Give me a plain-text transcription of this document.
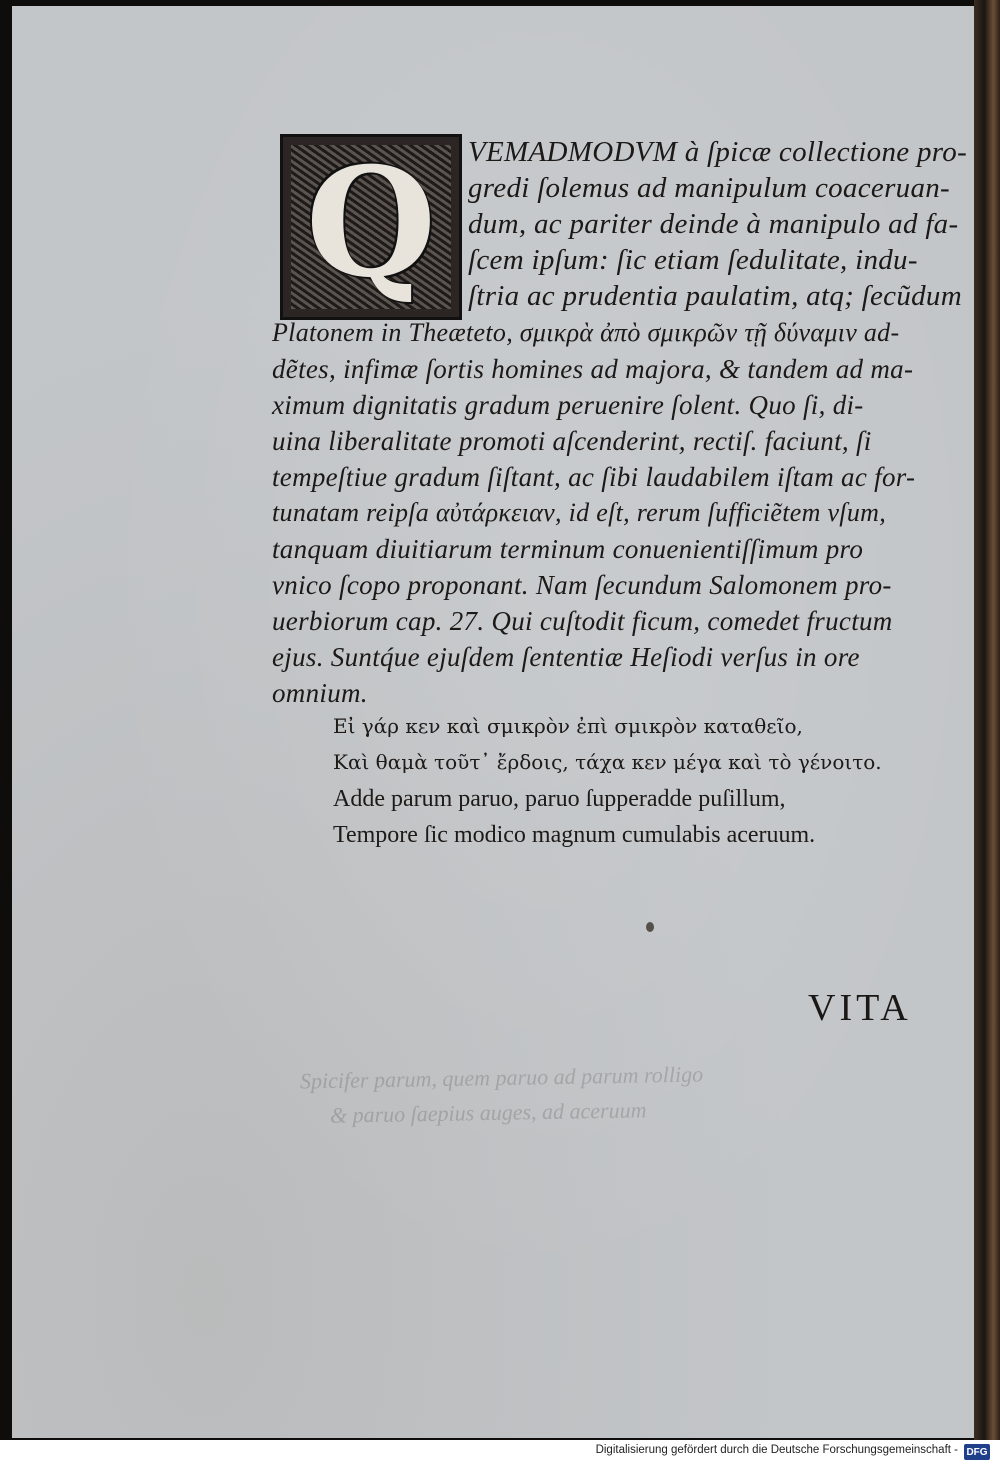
Spicifer parum, quem paruo ad parum rolligo
& paruo ſaepius auges, ad aceruum
Q	VEMADMODVM à ſpicæ collectione pro-
gredi ſolemus ad manipulum coaceruan-
dum, ac pariter deinde à manipulo ad fa-
ſcem ipſum: ſic etiam ſedulitate, indu-
ſtria ac prudentia paulatim, atq; ſecũdum
Platonem in Theæteto, σμικρὰ ἀπὸ σμικρῶν τῇ δύναμιν ad-
dẽtes, infimæ ſortis homines ad majora, & tandem ad ma-
ximum dignitatis gradum peruenire ſolent. Quo ſi, di-
uina liberalitate promoti aſcenderint, rectiſ. faciunt, ſi
tempeſtiue gradum ſiſtant, ac ſibi laudabilem iſtam ac for-
tunatam reipſa αὐτάρκειαν, id eſt, rerum ſufficiẽtem vſum,
tanquam diuitiarum terminum conuenientiſſimum pro
vnico ſcopo proponant. Nam ſecundum Salomonem pro-
uerbiorum cap. 27. Qui cuſtodit ficum, comedet fructum
ejus. Suntq́ue ejuſdem ſententiæ Heſiodi verſus in ore
omnium.
Εἰ γάρ κεν καὶ σμικρὸν ἐπὶ σμικρὸν καταθεῖο,
Καὶ θαμὰ τοῦτ᾽ ἔρδοις, τάχα κεν μέγα καὶ τὸ γένοιτο.
Adde parum paruo, paruo ſupperadde puſillum,
Tempore ſic modico magnum cumulabis aceruum.
VITA
Digitalisierung gefördert durch die Deutsche Forschungsgemeinschaft - DFG
